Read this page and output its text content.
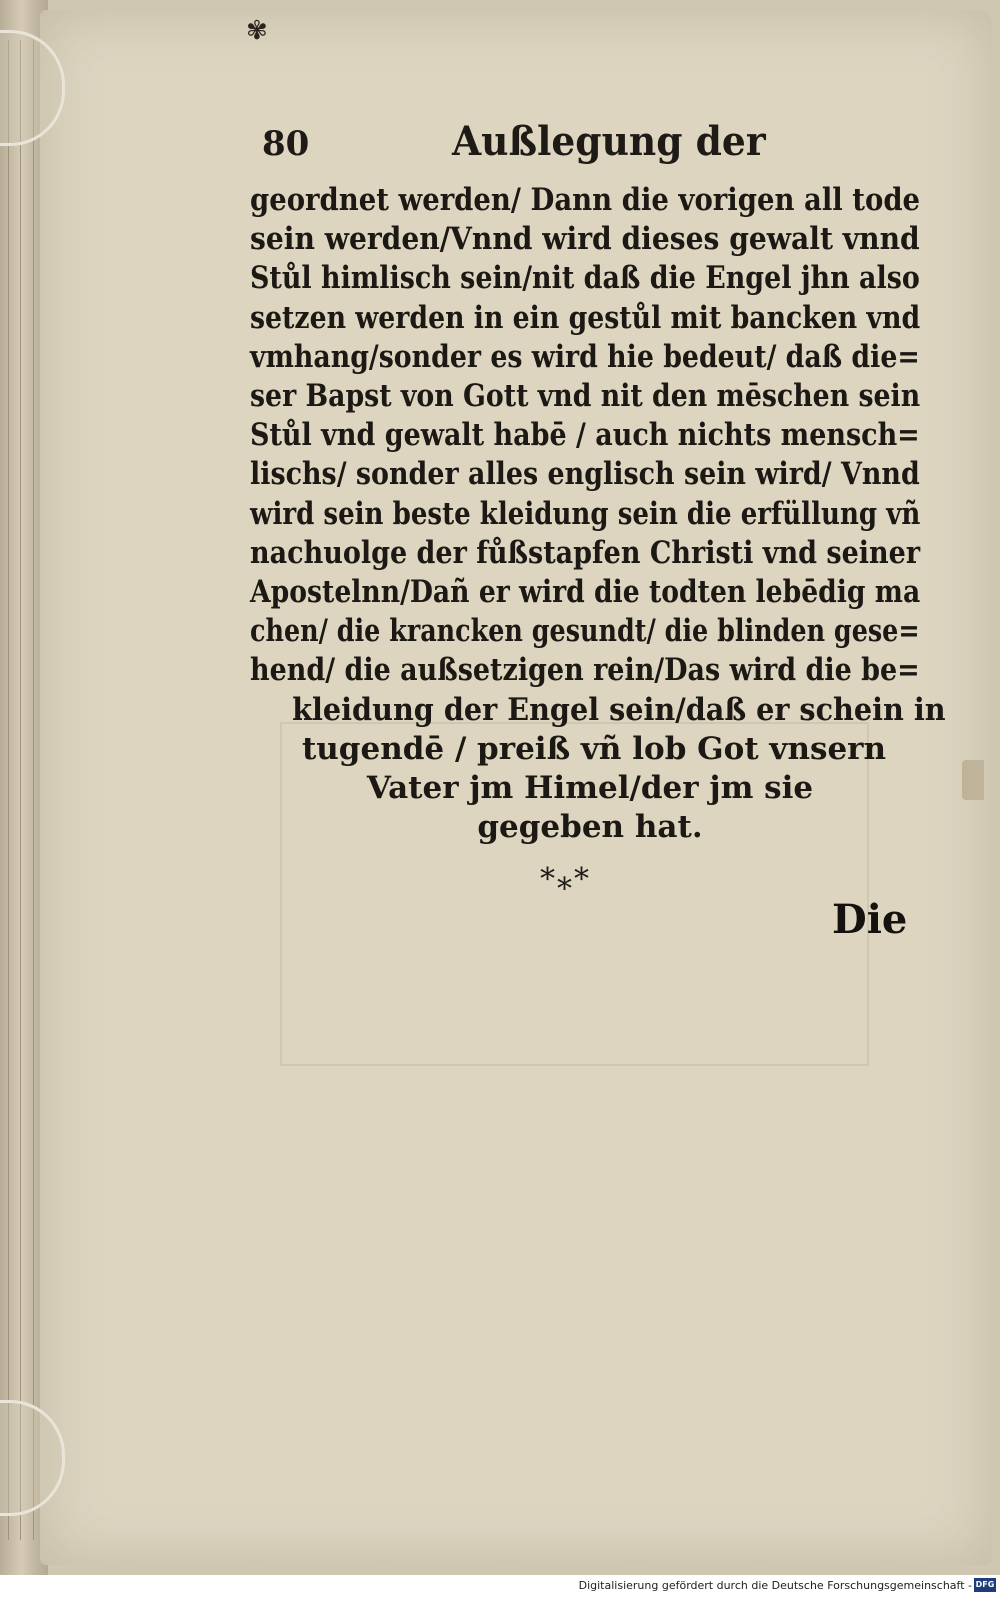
✾
80	Außlegung der
geordnet werden/ Dann die vorigen all tode
sein werden/Vnnd wird dieses gewalt vnnd
Stůl himlisch sein/nit daß die Engel jhn also
setzen werden in ein gestůl mit bancken vnd
vmhang/sonder es wird hie bedeut/ daß die=
ser Bapst von Gott vnd nit den mēschen sein
Stůl vnd gewalt habē / auch nichts mensch=
lischs/ sonder alles englisch sein wird/ Vnnd
wird sein beste kleidung sein die erfüllung vñ
nachuolge der fůßstapfen Christi vnd seiner
Apostelnn/Dañ er wird die todten lebēdig ma
chen/ die krancken gesundt/ die blinden gese=
hend/ die außsetzigen rein/Das wird die be=
kleidung der Engel sein/daß er schein in
tugendē / preiß vñ lob Got vnsern
Vater jm Himel/der jm sie
gegeben hat.
*⁎*
Die
Digitalisierung gefördert durch die Deutsche Forschungsgemeinschaft - DFG
